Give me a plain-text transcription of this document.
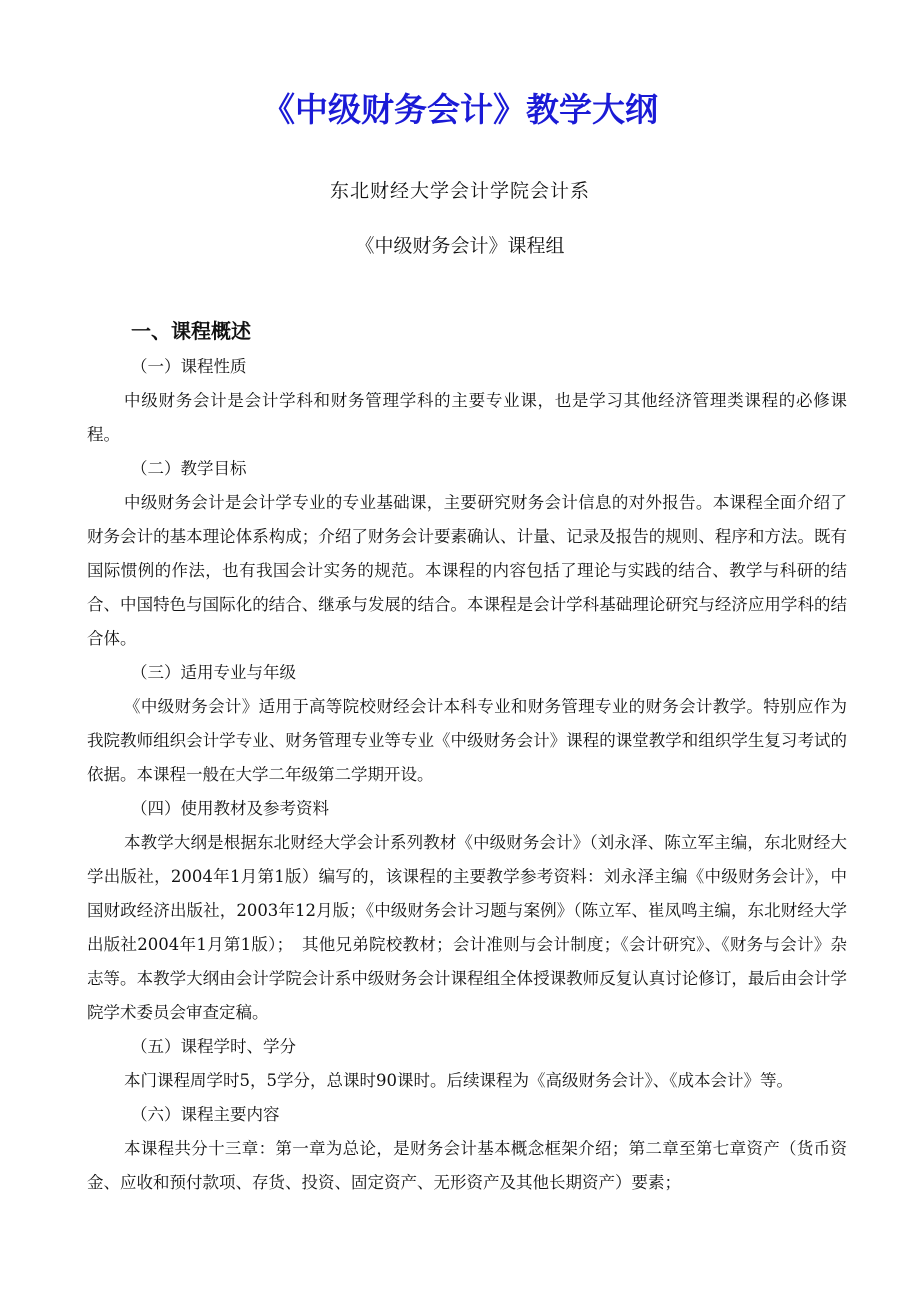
《中级财务会计》教学大纲

东北财经大学会计学院会计系

《中级财务会计》课程组

一、课程概述

（一）课程性质

中级财务会计是会计学科和财务管理学科的主要专业课，也是学习其他经济管理类课程的必修课程。

（二）教学目标

中级财务会计是会计学专业的专业基础课，主要研究财务会计信息的对外报告。本课程全面介绍了财务会计的基本理论体系构成；介绍了财务会计要素确认、计量、记录及报告的规则、程序和方法。既有国际惯例的作法，也有我国会计实务的规范。本课程的内容包括了理论与实践的结合、教学与科研的结合、中国特色与国际化的结合、继承与发展的结合。本课程是会计学科基础理论研究与经济应用学科的结合体。

（三）适用专业与年级

《中级财务会计》适用于高等院校财经会计本科专业和财务管理专业的财务会计教学。特别应作为我院教师组织会计学专业、财务管理专业等专业《中级财务会计》课程的课堂教学和组织学生复习考试的依据。本课程一般在大学二年级第二学期开设。

（四）使用教材及参考资料

本教学大纲是根据东北财经大学会计系列教材《中级财务会计》（刘永泽、陈立军主编，东北财经大学出版社，2004年1月第1版）编写的，该课程的主要教学参考资料：刘永泽主编《中级财务会计》，中国财政经济出版社，2003年12月版；《中级财务会计习题与案例》（陈立军、崔凤鸣主编，东北财经大学出版社2004年1月第1版）；　其他兄弟院校教材；会计准则与会计制度；《会计研究》、《财务与会计》杂志等。本教学大纲由会计学院会计系中级财务会计课程组全体授课教师反复认真讨论修订，最后由会计学院学术委员会审查定稿。

（五）课程学时、学分

本门课程周学时5，5学分，总课时90课时。后续课程为《高级财务会计》、《成本会计》等。

（六）课程主要内容

本课程共分十三章：第一章为总论，是财务会计基本概念框架介绍；第二章至第七章资产（货币资金、应收和预付款项、存货、投资、固定资产、无形资产及其他长期资产）要素；
